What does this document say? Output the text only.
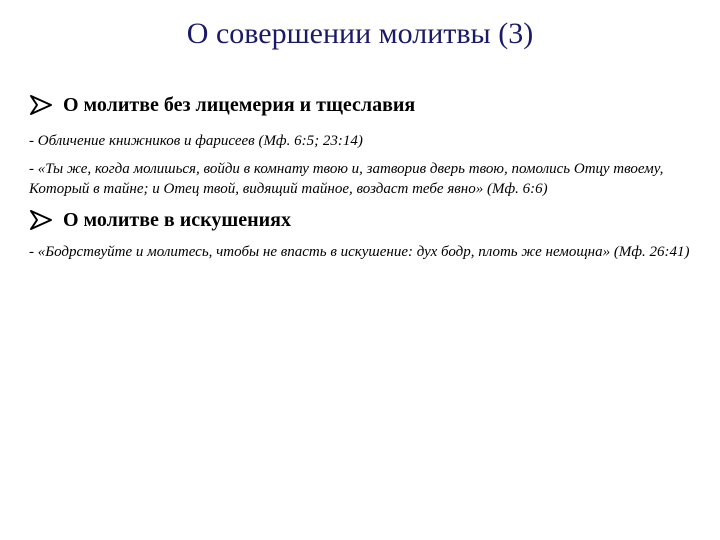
О совершении молитвы (3)
О молитве без лицемерия и тщеславия
- Обличение книжников и фарисеев (Мф. 6:5; 23:14)
- «Ты же, когда молишься, войди в комнату твою и, затворив дверь твою, помолись Отцу твоему, Который в тайне; и Отец твой, видящий тайное, воздаст тебе явно» (Мф. 6:6)
О молитве в искушениях
- «Бодрствуйте и молитесь, чтобы не впасть в искушение: дух бодр, плоть же немощна» (Мф. 26:41)
